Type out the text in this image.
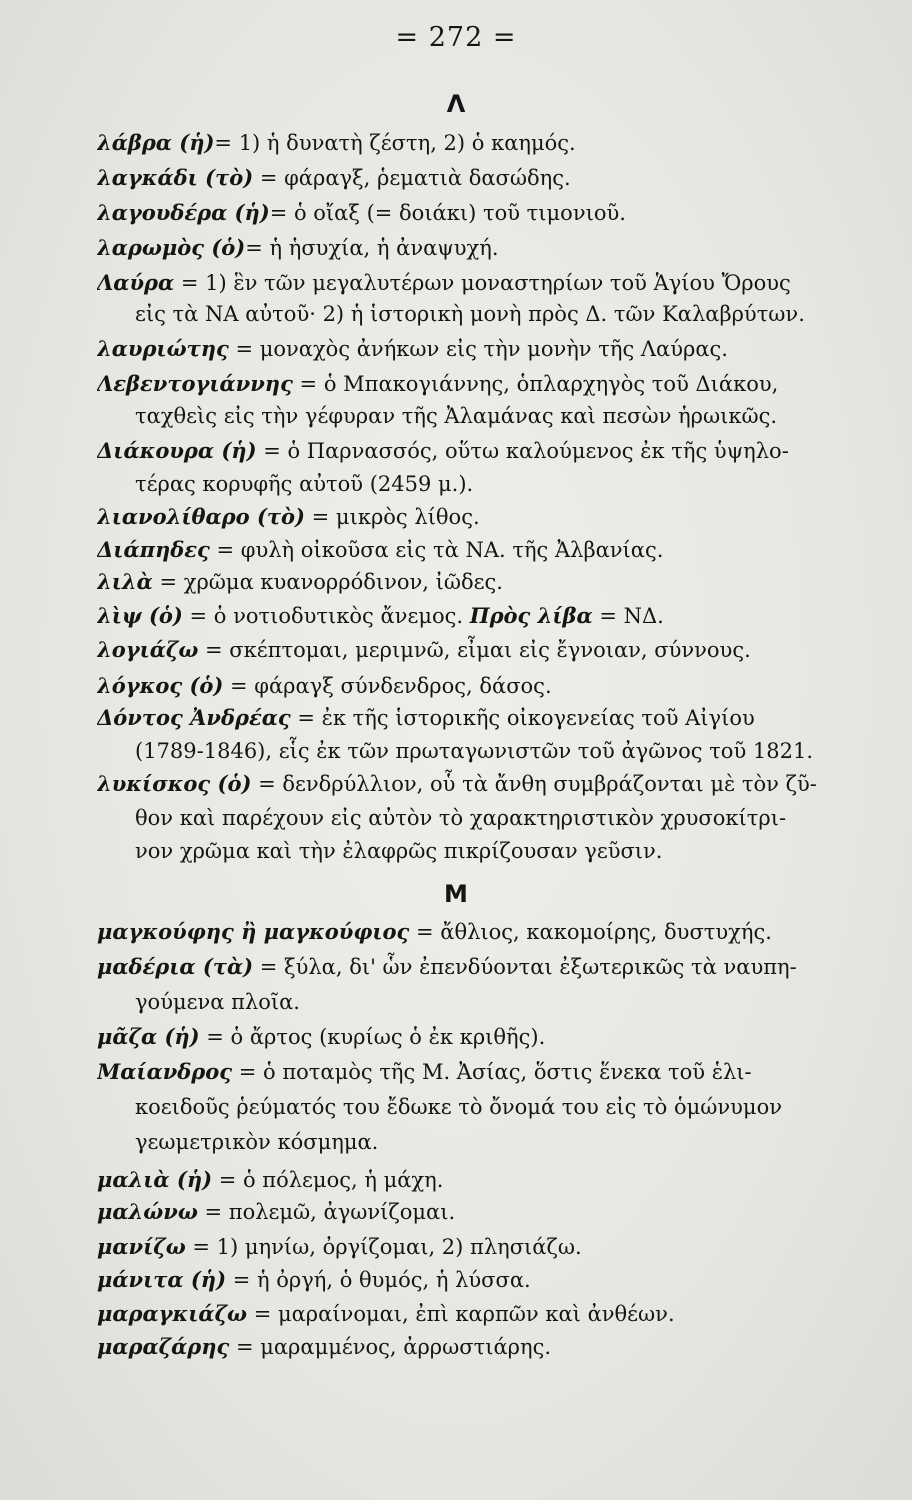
= 272 =
Λ
Μ
λάβρα (ἡ)= 1) ἡ δυνατὴ ζέστη, 2) ὁ καημός.
λαγκάδι (τὸ) = φάραγξ, ῥεματιὰ δασώδης.
λαγουδέρα (ἡ)= ὁ οἴαξ (= δοιάκι) τοῦ τιμονιοῦ.
λαρωμὸς (ὁ)= ἡ ἡσυχία, ἡ ἀναψυχή.
Λαύρα = 1) ἓν τῶν μεγαλυτέρων μοναστηρίων τοῦ Ἁγίου Ὄρους
εἰς τὰ ΝΑ αὐτοῦ· 2) ἡ ἱστορικὴ μονὴ πρὸς Δ. τῶν Καλαβρύτων.
λαυριώτης = μοναχὸς ἀνήκων εἰς τὴν μονὴν τῆς Λαύρας.
Λεβεντογιάννης = ὁ Μπακογιάννης, ὁπλαρχηγὸς τοῦ Διάκου,
ταχθεὶς εἰς τὴν γέφυραν τῆς Ἀλαμάνας καὶ πεσὼν ἡρωικῶς.
Διάκουρα (ἡ) = ὁ Παρνασσός, οὕτω καλούμενος ἐκ τῆς ὑψηλο-
τέρας κορυφῆς αὐτοῦ (2459 μ.).
λιανολίθαρο (τὸ) = μικρὸς λίθος.
Διάπηδες = φυλὴ οἰκοῦσα εἰς τὰ ΝΑ. τῆς Ἀλβανίας.
λιλὰ = χρῶμα κυανορρόδινον, ἰῶδες.
λὶψ (ὁ) = ὁ νοτιοδυτικὸς ἄνεμος. Πρὸς λίβα = ΝΔ.
λογιάζω = σκέπτομαι, μεριμνῶ, εἶμαι εἰς ἔγνοιαν, σύννους.
λόγκος (ὁ) = φάραγξ σύνδενδρος, δάσος.
Δόντος Ἀνδρέας = ἐκ τῆς ἱστορικῆς οἰκογενείας τοῦ Αἰγίου
(1789-1846), εἷς ἐκ τῶν πρωταγωνιστῶν τοῦ ἀγῶνος τοῦ 1821.
λυκίσκος (ὁ) = δενδρύλλιον, οὗ τὰ ἄνθη συμβράζονται μὲ τὸν ζῦ-
θον καὶ παρέχουν εἰς αὐτὸν τὸ χαρακτηριστικὸν χρυσοκίτρι-
νον χρῶμα καὶ τὴν ἐλαφρῶς πικρίζουσαν γεῦσιν.
μαγκούφης ἢ μαγκούφιος = ἄθλιος, κακομοίρης, δυστυχής.
μαδέρια (τὰ) = ξύλα, δι' ὧν ἐπενδύονται ἐξωτερικῶς τὰ ναυπη-
γούμενα πλοῖα.
μᾶζα (ἡ) = ὁ ἄρτος (κυρίως ὁ ἐκ κριθῆς).
Μαίανδρος = ὁ ποταμὸς τῆς Μ. Ἀσίας, ὅστις ἕνεκα τοῦ ἑλι-
κοειδοῦς ῥεύματός του ἔδωκε τὸ ὄνομά του εἰς τὸ ὁμώνυμον
γεωμετρικὸν κόσμημα.
μαλιὰ (ἡ) = ὁ πόλεμος, ἡ μάχη.
μαλώνω = πολεμῶ, ἀγωνίζομαι.
μανίζω = 1) μηνίω, ὀργίζομαι, 2) πλησιάζω.
μάνιτα (ἡ) = ἡ ὀργή, ὁ θυμός, ἡ λύσσα.
μαραγκιάζω = μαραίνομαι, ἐπὶ καρπῶν καὶ ἀνθέων.
μαραζάρης = μαραμμένος, ἀρρωστιάρης.
